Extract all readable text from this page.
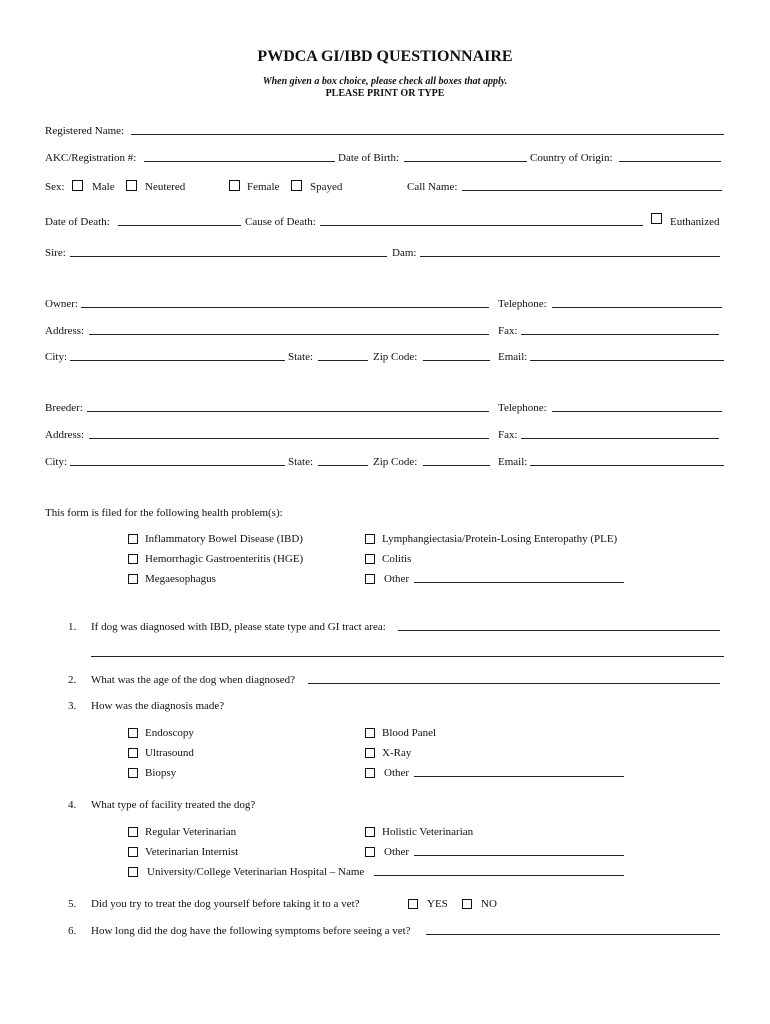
PWDCA GI/IBD QUESTIONNAIRE
When given a box choice, please check all boxes that apply.
PLEASE PRINT OR TYPE
Registered Name:
AKC/Registration #:	Date of Birth:	Country of Origin:
Sex: Male	Neutered	Female	Spayed	Call Name:
Date of Death:	Cause of Death:	Euthanized
Sire:	Dam:
Owner:	Telephone:
Address:	Fax:
City:	State:	Zip Code:	Email:
Breeder:	Telephone:
Address:	Fax:
City:	State:	Zip Code:	Email:
This form is filed for the following health problem(s):
Inflammatory Bowel Disease (IBD)
Hemorrhagic Gastroenteritis (HGE)
Megaesophagus
Lymphangiectasia/Protein-Losing Enteropathy (PLE)
Colitis
Other
1. If dog was diagnosed with IBD, please state type and GI tract area:
2. What was the age of the dog when diagnosed?
3. How was the diagnosis made?
Endoscopy
Ultrasound
Biopsy
Blood Panel
X-Ray
Other
4. What type of facility treated the dog?
Regular Veterinarian
Veterinarian Internist
University/College Veterinarian Hospital – Name
Holistic Veterinarian
Other
5. Did you try to treat the dog yourself before taking it to a vet?	YES	NO
6. How long did the dog have the following symptoms before seeing a vet?
